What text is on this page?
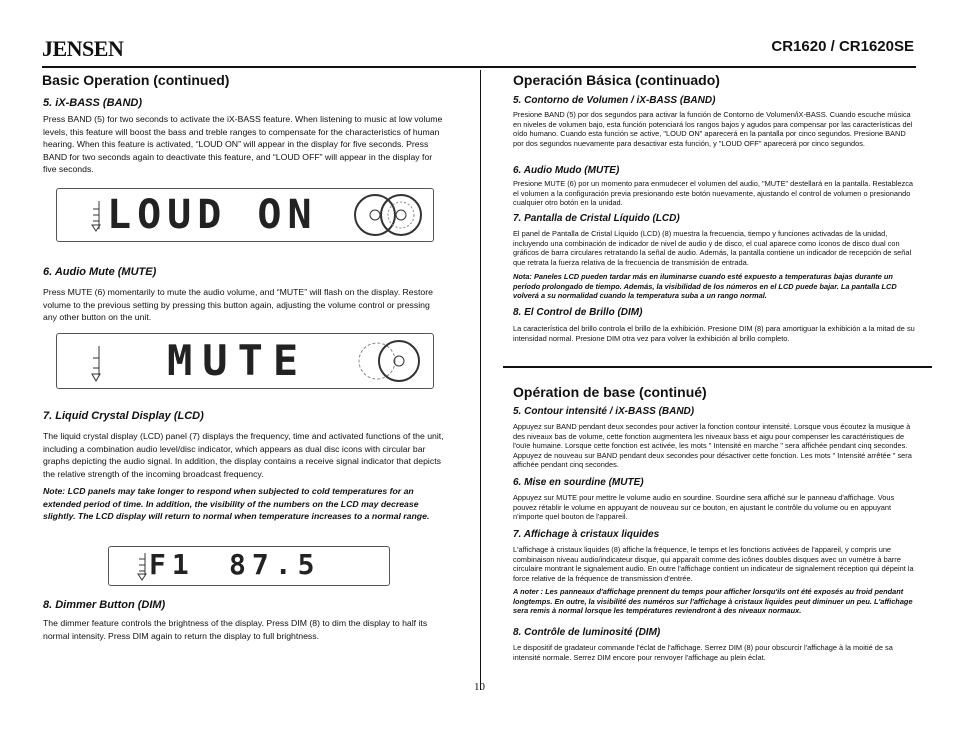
JENSEN	CR1620 / CR1620SE
Basic Operation (continued)
5. iX-BASS (BAND)
Press BAND (5) for two seconds to activate the iX-BASS feature. When listening to music at low volume levels, this feature will boost the bass and treble ranges to compensate for the characteristics of human hearing. When this feature is activated, “LOUD ON” will appear in the display for five seconds. Press BAND for two seconds again to deactivate this feature, and “LOUD OFF” will appear in the display for five seconds.
LOUD ON
6. Audio Mute (MUTE)
Press MUTE (6) momentarily to mute the audio volume, and “MUTE” will flash on the display. Restore volume to the previous setting by pressing this button again, adjusting the volume control or pressing any other button on the unit.
MUTE
7. Liquid Crystal Display (LCD)
The liquid crystal display (LCD) panel (7) displays the frequency, time and activated functions of the unit, including a combination audio level/disc indicator, which appears as dual disc icons with circular bar graphs depicting the audio signal. In addition, the display contains a receive signal indicator that depicts the relative strength of the incoming broadcast frequency.
Note: LCD panels may take longer to respond when subjected to cold temperatures for an extended period of time. In addition, the visibility of the numbers on the LCD may decrease slightly. The LCD display will return to normal when temperature increases to a normal range.
F1 87.5
8. Dimmer Button (DIM)
The dimmer feature controls the brightness of the display. Press DIM (8) to dim the display to half its normal intensity. Press DIM again to return the display to full brightness.
Operación Básica (continuado)
5. Contorno de Volumen / iX-BASS (BAND)
Presione BAND (5) por dos segundos para activar la función de Contorno de Volumen/iX-BASS. Cuando escuche música en niveles de volumen bajo, esta función potenciará los rangos bajos y agudos para compensar por las características del oído humano. Cuando esta función se active, "LOUD ON" aparecerá en la pantalla por cinco segundos. Presione BAND por dos segundos nuevamente para desactivar esta función, y "LOUD OFF" aparecerá por cinco segundos.
6. Audio Mudo (MUTE)
Presione MUTE (6) por un momento para enmudecer el volumen del audio, "MUTE" destellará en la pantalla. Restablezca el volumen a la configuración previa presionando este botón nuevamente, ajustando el control de volumen o presionando cualquier otro botón en la unidad.
7. Pantalla de Cristal Líquido (LCD)
El panel de Pantalla de Cristal Líquido (LCD) (8) muestra la frecuencia, tiempo y funciones activadas de la unidad, incluyendo una combinación de indicador de nivel de audio y de disco, el cual aparece como íconos de disco dual con gráficos de barra circulares retratando la señal de audio. Además, la pantalla contiene un indicador de recepción de señal que retrata la fuerza relativa de la frecuencia de transmisión de entrada.
Nota: Paneles LCD pueden tardar más en iluminarse cuando esté expuesto a temperaturas bajas durante un período prolongado de tiempo. Además, la visibilidad de los números en el LCD puede bajar. La pantalla LCD volverá a su normalidad cuando la temperatura suba a un rango normal.
8. El Control de Brillo (DIM)
La característica del brillo controla el brillo de la exhibición. Presione DIM (8) para amortiguar la exhibición a la mitad de su intensidad normal. Presione DIM otra vez para volver la exhibición al brillo completo.
Opération de base (continué)
5. Contour intensité / iX-BASS (BAND)
Appuyez sur BAND pendant deux secondes pour activer la fonction contour intensité. Lorsque vous écoutez la musique à des niveaux bas de volume, cette fonction augmentera les niveaux bass et aigu pour compenser les caractéristiques de l'ouïe humaine. Lorsque cette fonction est activée, les mots " Intensité en marche " sera affichée pendant cinq secondes. Appuyez de nouveau sur BAND pendant deux secondes pour désactiver cette fonction. Les mots " Intensité arrêtée " sera affichée pendant cinq secondes.
6. Mise en sourdine (MUTE)
Appuyez sur MUTE pour mettre le volume audio en sourdine. Sourdine sera affiché sur le panneau d'affichage. Vous pouvez rétablir le volume en appuyant de nouveau sur ce bouton, en ajustant le contrôle du volume ou en appuyant n'importe quel bouton de l'appareil.
7. Affichage à cristaux liquides
L'affichage à cristaux liquides (8) affiche la fréquence, le temps et les fonctions activées de l'appareil, y compris une combinaison niveau audio/indicateur disque, qui apparaît comme des icônes doubles disques avec un vumètre à barre circulaire montrant le signalement audio. En outre l'affichage contient un indicateur de signalement réception qui dépeint la force relative de la fréquence de transmission d'entrée.
A noter : Les panneaux d'affichage prennent du temps pour afficher lorsqu'ils ont été exposés au froid pendant longtemps. En outre, la visibilité des numéros sur l'affichage à cristaux liquides peut diminuer un peu. L'affichage sera remis à normal lorsque les températures reviendront à des niveaux normaux.
8. Contrôle de luminosité (DIM)
Le dispositif de gradateur commande l'éclat de l'affichage. Serrez DIM (8) pour obscurcir l'affichage à la moitié de sa intensité normale. Serrez DIM encore pour renvoyer l'affichage au plein éclat.
10
